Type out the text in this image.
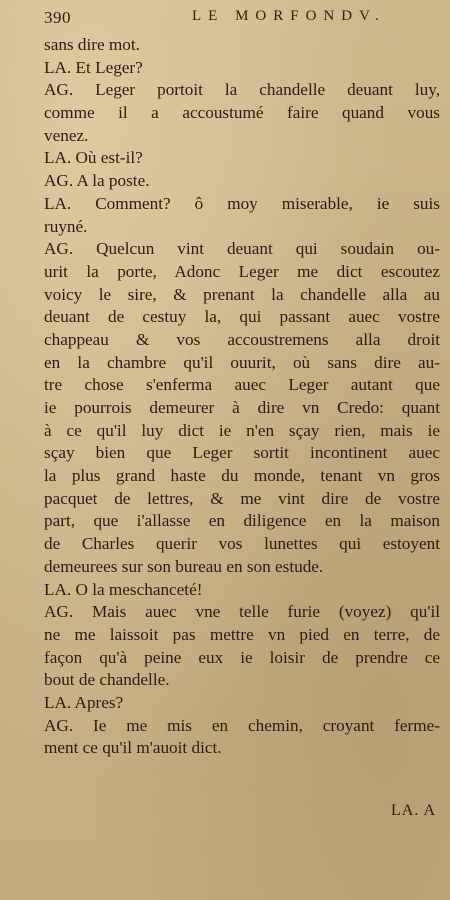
390	LE MORFONDV.
sans dire mot.
LA. Et Leger?
AG. Leger portoit la chandelle deuant luy,
comme il a accoustumé faire quand vous
venez.
LA. Où est-il?
AG. A la poste.
LA. Comment? ô moy miserable, ie suis
ruyné.
AG. Quelcun vint deuant qui soudain ou-
urit la porte, Adonc Leger me dict escoutez
voicy le sire, & prenant la chandelle alla au
deuant de cestuy la, qui passant auec vostre
chappeau & vos accoustremens alla droit
en la chambre qu'il ouurit, où sans dire au-
tre chose s'enferma auec Leger autant que
ie pourrois demeurer à dire vn Credo: quant
à ce qu'il luy dict ie n'en sçay rien, mais ie
sçay bien que Leger sortit incontinent auec
la plus grand haste du monde, tenant vn gros
pacquet de lettres, & me vint dire de vostre
part, que i'allasse en diligence en la maison
de Charles querir vos lunettes qui estoyent
demeurees sur son bureau en son estude.
LA. O la meschanceté!
AG. Mais auec vne telle furie (voyez) qu'il
ne me laissoit pas mettre vn pied en terre, de
façon qu'à peine eux ie loisir de prendre ce
bout de chandelle.
LA. Apres?
AG. Ie me mis en chemin, croyant ferme-
ment ce qu'il m'auoit dict.
LA. A
